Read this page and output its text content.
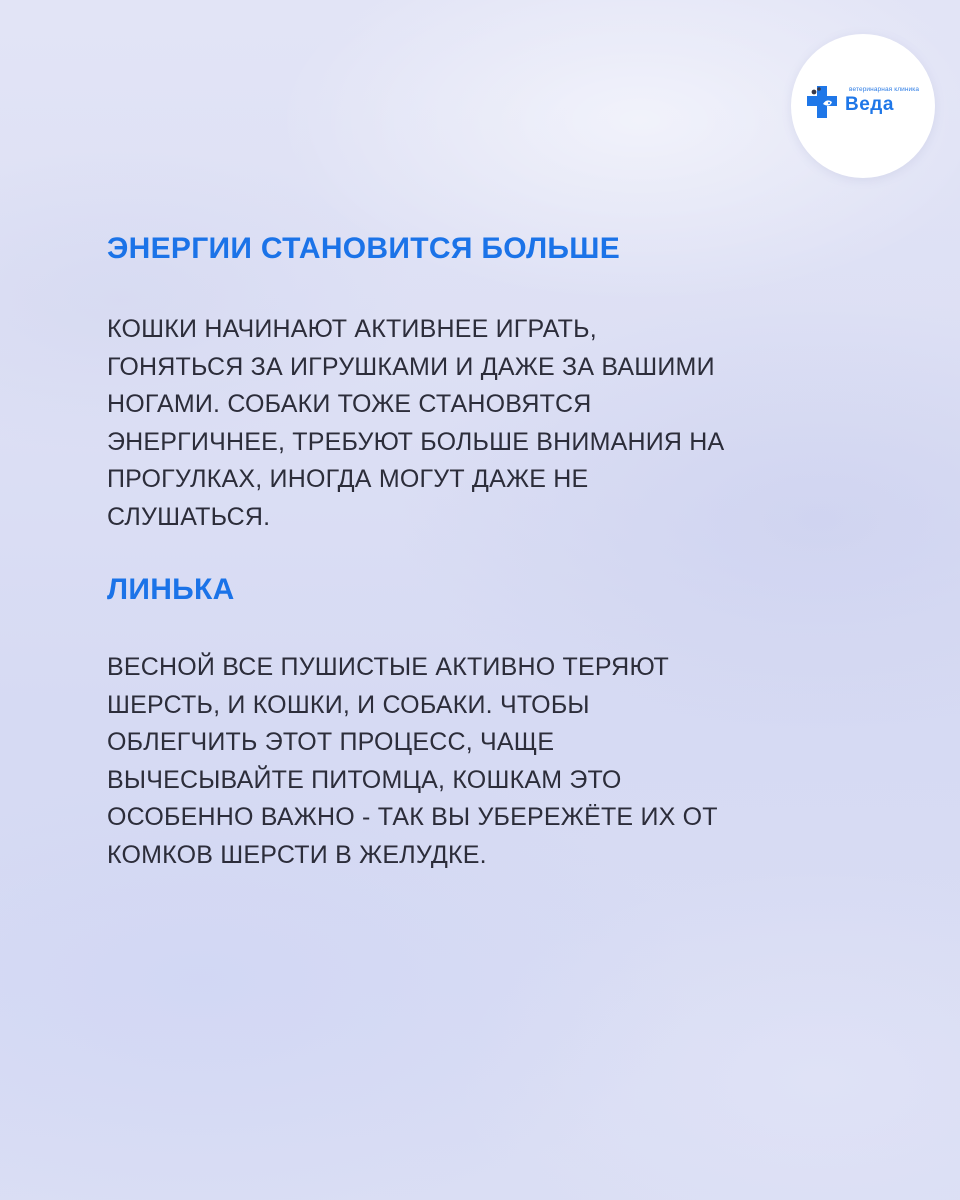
ветеринарная клиника
Веда
ЭНЕРГИИ СТАНОВИТСЯ БОЛЬШЕ

КОШКИ НАЧИНАЮТ АКТИВНЕЕ ИГРАТЬ,
ГОНЯТЬСЯ ЗА ИГРУШКАМИ И ДАЖЕ ЗА ВАШИМИ
НОГАМИ. СОБАКИ ТОЖЕ СТАНОВЯТСЯ
ЭНЕРГИЧНЕЕ, ТРЕБУЮТ БОЛЬШЕ ВНИМАНИЯ НА
ПРОГУЛКАХ, ИНОГДА МОГУТ ДАЖЕ НЕ
СЛУШАТЬСЯ.

ЛИНЬКА

ВЕСНОЙ ВСЕ ПУШИСТЫЕ АКТИВНО ТЕРЯЮТ
ШЕРСТЬ, И КОШКИ, И СОБАКИ. ЧТОБЫ
ОБЛЕГЧИТЬ ЭТОТ ПРОЦЕСС, ЧАЩЕ
ВЫЧЕСЫВАЙТЕ ПИТОМЦА, КОШКАМ ЭТО
ОСОБЕННО ВАЖНО - ТАК ВЫ УБЕРЕЖЁТЕ ИХ ОТ
КОМКОВ ШЕРСТИ В ЖЕЛУДКЕ.
